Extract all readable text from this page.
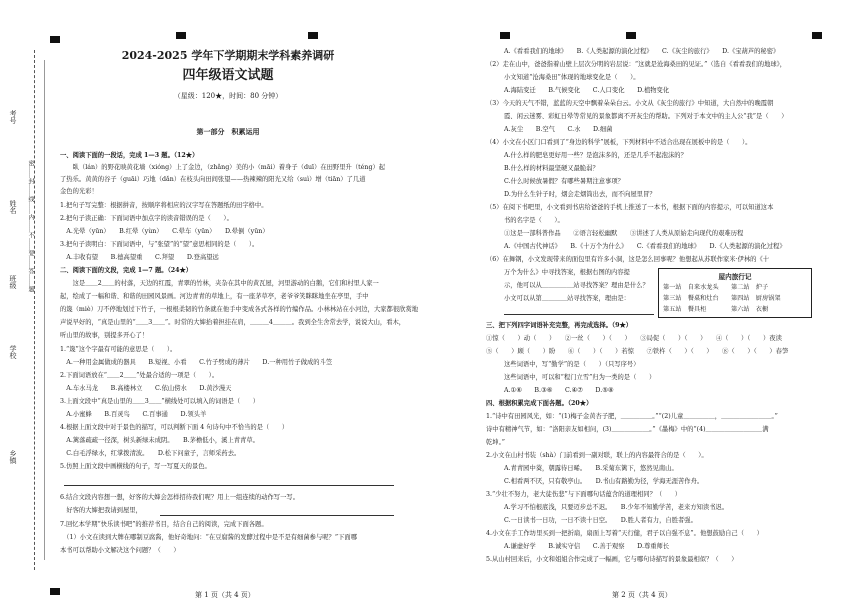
考号
姓名
班级
学校
乡镇
密……封……线……内……不……要……答……题
2024-2025 学年下学期期末学科素养调研
四年级语文试题
（星级：120★，时间：80 分钟）
第一部分　积累运用
一、阅读下面的一段话，完成 1—3 题。（12★）
　　臥（lán）的野花映黄花墙（xióng）上了金边，（zhǎng）美的小（māi）着身子（duī）在田野里升（téng）起
了热乐。黄黄的谷子（guāi）巧地（dǎn）在枝头向田间张望——热辣辣的阳光又给（suì）增（tiān）了几道
金色的光彩！
1.把句子写完整：根据拼音，按顺序将相应的汉字写在答题纸的田字格中。
2.把句子读正确：下面词语中加点字的读音错误的是（　　）。
　A.光晕（yūn）　　B.红晕（yùn）　　C.晕车（yūn）　　D.晕倒（yūn）
3.把句子读明白：下面词语中，与“张望”的“望”意思相同的是（　　）。
　A.丰收有望　　B.德高望重　　C.拜望　　D.登高望远
二、阅读下面的文段，完成 1—7 题。（24★）
　　这是＿＿2＿＿的村落，天边的红霞，青翠的竹林，夹杂在其中的黄瓦屋，河里游动的白鹅，它们和村里人家一
起，绘成了一幅和谐、和谐的田园风景画。河边青青的草地上，有一座茅草亭，老爷爷笑眯眯地坐在亭里，手中
的篾（miè）刀不停地划过下竹子，一根根柔韧的竹条就在他手中变成各式各样的竹编作品。小林林站在小河边，大家都很欣赏地
声说早好的，“真是山里的“＿＿3＿＿”。时常的大婶抬着担挂在肩，＿＿＿4＿＿＿。我到全生舍常去学，说说大山，看木，
听山里的故事，别提多开心了！
1.“篾”这个字最有可能的意思是（　　）。
　A.一种用金属做成的器具　　B.短视、小看　　C.竹子劈成的薄片　　D.一种用竹子做成的斗笠
2.下面词语放在“＿＿2＿＿”处最合适的一项是（　　）。
　A.车水马龙　　B.高楼林立　　C.依山傍水　　D.黄沙漫天
3.上面文段中“真是山里的＿＿3＿＿”横线处可以填入的词语是（　　）
　A.小蜜蜂　　B.百灵鸟　　C.百事通　　D.领头羊
4.根据上面文段中对于景色的描写，可以判断下面 4 句诗句中不恰当的是（　　）
　A.篱落疏疏一径深，树头新绿未成阴。　　B.茅檐低小，溪上青青草。
　C.白毛浮绿水，红掌拨清波。　　D.松下问童子，言师采药去。
5.仿照上面文段中画横线的句子，写一写夏天的景色。
6.结合文段内容想一想，好客的大婶会怎样招待我们呢？用上一组连续的动作写一写。
　好客的大婶把我请到屋里，
7.回忆本学期“快乐读书吧”的推荐书目，结合自己的阅读，完成下面各题。
　（1）小文在读到大牌在哪制豆腐酱，他好奇地问：“在豆腐酱的发酵过程中是不是有细菌参与呢？”下面哪
本书可以帮助小文解决这个问题？（　　）
第 1 页（共 4 页）
A.《看看我们的地球》　　B.《人类起源的演化过程》　　C.《灰尘的旅行》　　D.《宝葫芦的秘密》
（2）走在山中，爸爸指着山壁上层次分明的岩层说：“这就是沧海桑田的见证。”（选自《看看我们的地球》，
小文知道“沧海桑田”体现的地球变化是（　　）。
A.海陆变迁　　B.气候变化　　C.人口变化　　D.植物变化
（3）今天的天气不错，蓝蓝的天空中飘着朵朵白云。小文从《灰尘的旅行》中知道，大自然中的晚霞朝
霞、闲云迷雾、彩虹日晕等常见的景象都离不开灰尘的帮助。下列对于本文中的主人公“我”是（　　）
A.灰尘　　B.空气　　C.水　　D.细菌
（4）小文在小区门口看到了“身边的科学”展板，下列材料中不适合出现在展板中的是（　　）。
A.什么样的肥皂更好用一些？是泡沫多的，还是几乎不起泡沫的？
B.什么样的材料最坚硬又最脆弱？
C.什么时候放暑假？有哪些暑期注意事项？
D.为什么生针子时，烟会走烟筒出去，而不向屋里冒？
（5）在阅下书吧里，小文看到书店给爸爸的手机上推送了一本书，根据下面的内容提示，可以知道这本
书的名字是（　　）。
①这是一部科普作品　　②语言轻松幽默　　③讲述了人类从原始走向现代的艰难历程
A.《中国古代神话》　　B.《十万个为什么》　　C.《看看我们的地球》　　D.《人类起源的演化过程》
（6）在舞钢，小文发现带来的面包里有许多小洞，这是怎么回事呢？他想起从苏联作家米·伊林的《十
万个为什么》中寻找答案，根据右图的内容提
示，他可以从＿＿＿＿＿站寻找答案？理由是什么？
小文可以从第＿＿＿＿站寻找答案，理由是：
屋内旅行记
第一站　自来水龙头　　第二站　炉子
第三站　餐桌和灶台　　第四站　厨房锅架
第五站　餐具柜　　　　第六站　衣橱
三、把下列四字词语补充完整，再完成选择。（9★）
①惊（　　）动（　　）　　②一丝（　　）（　　）　　③局促（　　）（　　）　　④（　　）（　　）夜读
⑤（　　）顾（　　）盼　　⑥（　　）（　　）若惊　　⑦铁杵（　　）（　　）　　⑧（　　）（　　）春笋
这些词语中，写“勤学”的是（　　）（只写序号）
这些词语中，可以和“程门立雪”归为一类的是（　　）
A.①⑥　　B.③⑥　　C.④⑦　　D.⑤⑧
四、根据积累完成下面各题。（20★）
1.“诗中有田园风光，如：“(1)梅子金黄杏子肥，＿＿＿＿＿。”“(2)儿童＿＿＿＿＿，＿＿＿＿＿＿＿＿。”
诗中有精神气节，如：“洛阳亲友如相问，(3)＿＿＿＿＿＿。”《墨梅》中的“(4)＿＿＿＿＿＿＿＿＿满
乾坤。”
2.小文在山村书装（shà）门前看到一副对联，联上的内容最符合的是（　　）。
A.青青园中葵，朝露待日晞。　　B.采菊东篱下，悠然见南山。
C.相看两不厌，只有敬亭山。　　D.书山有路勤为径，学海无涯苦作舟。
3.“少壮不努力，老大徒伤悲”与下面哪句话蕴含的道理相同？（　　）
A.学习不怕根底浅，只要迈步总不迟。　　B.少年不知勤学苦，老来方知读书迟。
C.一日读书一日功，一日不读十日空。　　D.胜人者有力，自胜者强。
4.小文在手工作坊里买到一把折扇，扇面上写着“天行健，君子以自强不息”。他想鼓励自己（　　）
A.谦虚好学　　B.诚实守信　　C.善于观察　　D.尊重师长
5.从山村回来后，小文和姐姐合作完成了一幅画，它与哪句诗描写的景象最相似？（　　）
第 2 页（共 4 页）
